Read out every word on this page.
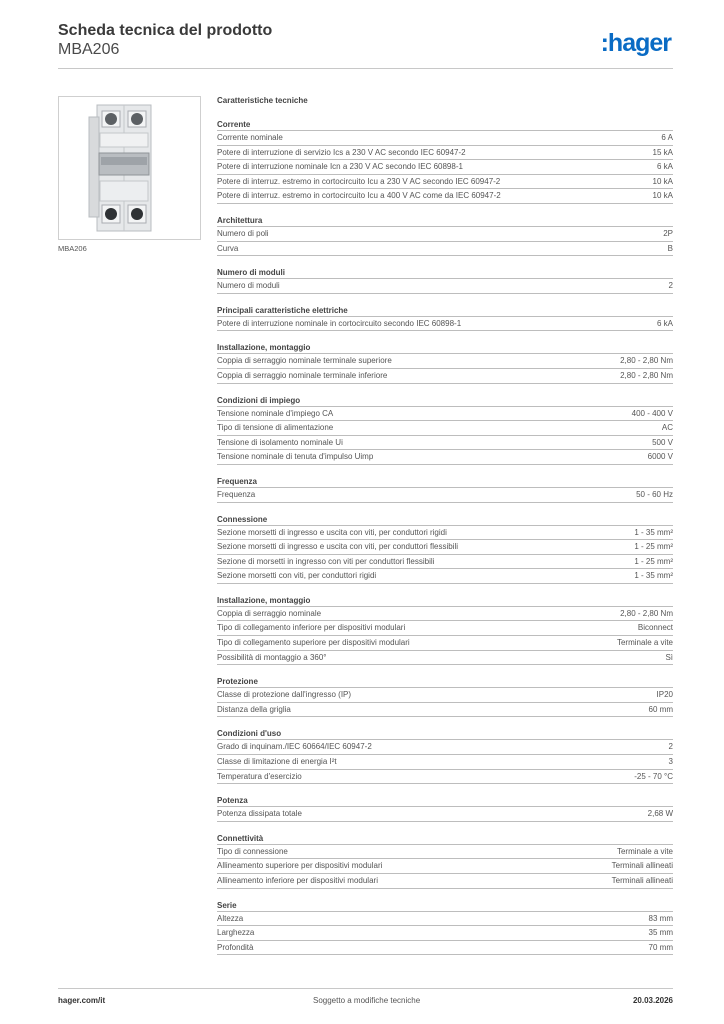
Scheda tecnica del prodotto
MBA206	:hager
MBA206
Caratteristiche tecniche
Corrente
Corrente nominale	6 A
Potere di interruzione di servizio Ics a 230 V AC secondo IEC 60947-2	15 kA
Potere di interruzione nominale Icn a 230 V AC secondo IEC 60898-1	6 kA
Potere di interruz. estremo in cortocircuito Icu a 230 V AC secondo IEC 60947-2	10 kA
Potere di interruz. estremo in cortocircuito Icu a 400 V AC come da IEC 60947-2	10 kA
Architettura
Numero di poli	2P
Curva	B
Numero di moduli
Numero di moduli	2
Principali caratteristiche elettriche
Potere di interruzione nominale in cortocircuito secondo IEC 60898-1	6 kA
Installazione, montaggio
Coppia di serraggio nominale terminale superiore	2,80 - 2,80 Nm
Coppia di serraggio nominale terminale inferiore	2,80 - 2,80 Nm
Condizioni di impiego
Tensione nominale d'impiego CA	400 - 400 V
Tipo di tensione di alimentazione	AC
Tensione di isolamento nominale Ui	500 V
Tensione nominale di tenuta d'impulso Uimp	6000 V
Frequenza
Frequenza	50 - 60 Hz
Connessione
Sezione morsetti di ingresso e uscita con viti, per conduttori rigidi	1 - 35 mm²
Sezione morsetti di ingresso e uscita con viti, per conduttori flessibili	1 - 25 mm²
Sezione di morsetti in ingresso con viti per conduttori flessibili	1 - 25 mm²
Sezione morsetti con viti, per conduttori rigidi	1 - 35 mm²
Installazione, montaggio
Coppia di serraggio nominale	2,80 - 2,80 Nm
Tipo di collegamento inferiore per dispositivi modulari	Biconnect
Tipo di collegamento superiore per dispositivi modulari	Terminale a vite
Possibilità di montaggio a 360°	Sì
Protezione
Classe di protezione dall'ingresso (IP)	IP20
Distanza della griglia	60 mm
Condizioni d'uso
Grado di inquinam./IEC 60664/IEC 60947-2	2
Classe di limitazione di energia I²t	3
Temperatura d'esercizio	-25 - 70 °C
Potenza
Potenza dissipata totale	2,68 W
Connettività
Tipo di connessione	Terminale a vite
Allineamento superiore per dispositivi modulari	Terminali allineati
Allineamento inferiore per dispositivi modulari	Terminali allineati
Serie
Altezza	83 mm
Larghezza	35 mm
Profondità	70 mm
hager.com/it	Soggetto a modifiche tecniche	20.03.2026
